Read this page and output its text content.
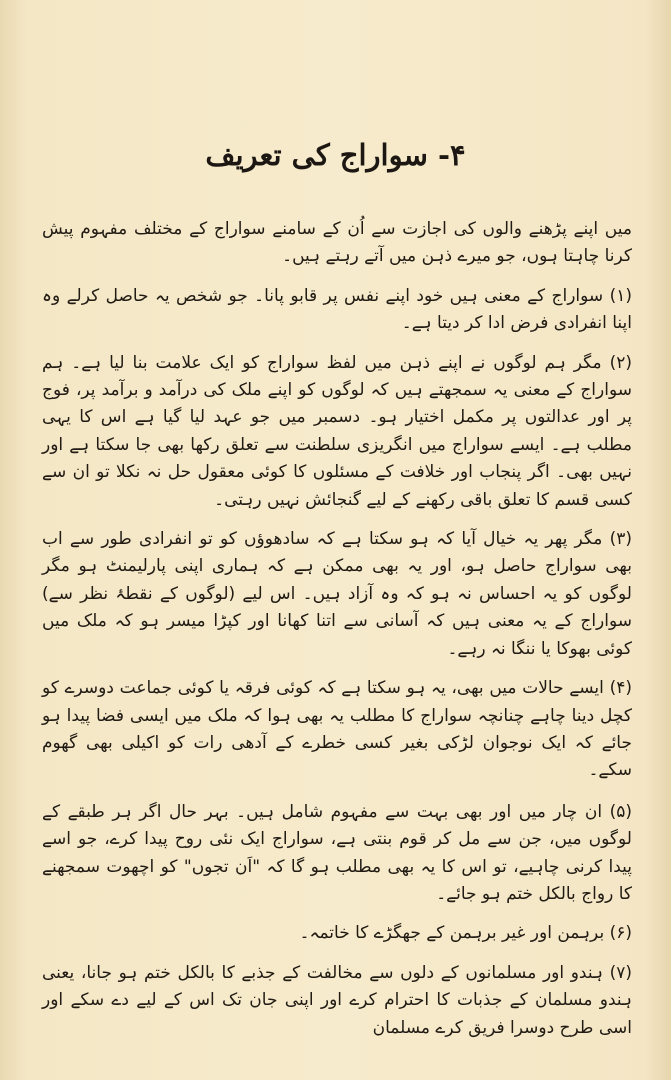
۴- سواراج کی تعریف

میں اپنے پڑھنے والوں کی اجازت سے اُن کے سامنے سواراج کے مختلف مفہوم پیش کرنا چاہتا ہوں، جو میرے ذہن میں آتے رہتے ہیں۔

(۱) سواراج کے معنی ہیں خود اپنے نفس پر قابو پانا۔ جو شخص یہ حاصل کرلے وہ اپنا انفرادی فرض ادا کر دیتا ہے۔

(۲) مگر ہم لوگوں نے اپنے ذہن میں لفظ سواراج کو ایک علامت بنا لیا ہے۔ ہم سواراج کے معنی یہ سمجھتے ہیں کہ لوگوں کو اپنے ملک کی درآمد و برآمد پر، فوج پر اور عدالتوں پر مکمل اختیار ہو۔ دسمبر میں جو عہد لیا گیا ہے اس کا یہی مطلب ہے۔ ایسے سواراج میں انگریزی سلطنت سے تعلق رکھا بھی جا سکتا ہے اور نہیں بھی۔ اگر پنجاب اور خلافت کے مسئلوں کا کوئی معقول حل نہ نکلا تو ان سے کسی قسم کا تعلق باقی رکھنے کے لیے گنجائش نہیں رہتی۔

(۳) مگر پھر یہ خیال آیا کہ ہو سکتا ہے کہ سادھوؤں کو تو انفرادی طور سے اب بھی سواراج حاصل ہو، اور یہ بھی ممکن ہے کہ ہماری اپنی پارلیمنٹ ہو مگر لوگوں کو یہ احساس نہ ہو کہ وہ آزاد ہیں۔ اس لیے (لوگوں کے نقطۂ نظر سے) سواراج کے یہ معنی ہیں کہ آسانی سے اتنا کھانا اور کپڑا میسر ہو کہ ملک میں کوئی بھوکا یا ننگا نہ رہے۔

(۴) ایسے حالات میں بھی، یہ ہو سکتا ہے کہ کوئی فرقہ یا کوئی جماعت دوسرے کو کچل دینا چاہے چنانچہ سواراج کا مطلب یہ بھی ہوا کہ ملک میں ایسی فضا پیدا ہو جائے کہ ایک نوجوان لڑکی بغیر کسی خطرے کے آدھی رات کو اکیلی بھی گھوم سکے۔

(۵) ان چار میں اور بھی بہت سے مفہوم شامل ہیں۔ بہر حال اگر ہر طبقے کے لوگوں میں، جن سے مل کر قوم بنتی ہے، سواراج ایک نئی روح پیدا کرے، جو اسے پیدا کرنی چاہیے، تو اس کا یہ بھی مطلب ہو گا کہ "اَن تجوں" کو اچھوت سمجھنے کا رواج بالکل ختم ہو جائے۔

(۶) برہمن اور غیر برہمن کے جھگڑے کا خاتمہ۔

(۷) ہندو اور مسلمانوں کے دلوں سے مخالفت کے جذبے کا بالکل ختم ہو جانا، یعنی ہندو مسلمان کے جذبات کا احترام کرے اور اپنی جان تک اس کے لیے دے سکے اور اسی طرح دوسرا فریق کرے مسلمان
